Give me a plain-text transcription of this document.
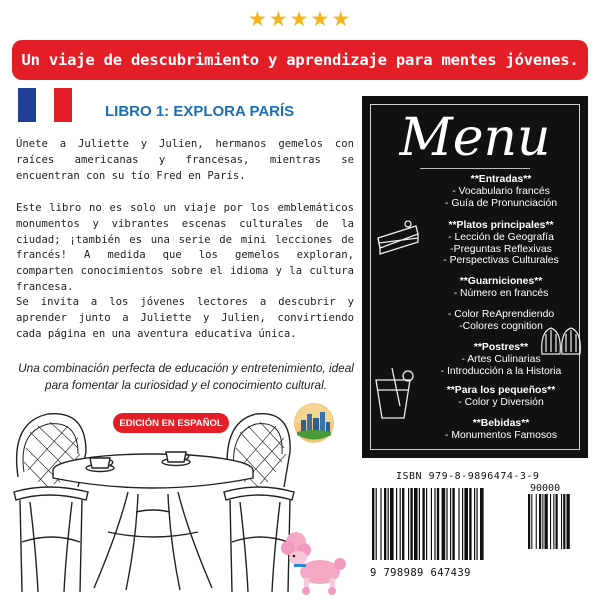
★ ★ ★ ★ ★
Un viaje de descubrimiento y aprendizaje para mentes jóvenes.
LIBRO 1: EXPLORA PARÍS

Únete a Juliette y Julien, hermanos gemelos con raíces americanas y francesas, mientras se encuentran con su tío Fred en París.

Este libro no es solo un viaje por los emblemáticos monumentos y vibrantes escenas culturales de la ciudad; ¡también es una serie de mini lecciones de francés! A medida que los gemelos exploran, comparten conocimientos sobre el idioma y la cultura francesa.

Se invita a los jóvenes lectores a descubrir y aprender junto a Juliette y Julien, convirtiendo cada página en una aventura educativa única.

Una combinación perfecta de educación y entretenimiento, ideal para fomentar la curiosidad y el conocimiento cultural.
EDICIÓN EN ESPAÑOL
Menu
**Entradas**
- Vocabulario francés
- Guía de Pronunciación
**Platos principales**
- Lección de Geografía
-Preguntas Reflexivas
- Perspectivas Culturales
**Guarniciones**
- Número en francés
- Color ReAprendiendo
-Colores cognition
**Postres**
- Artes Culinarias
- Introducción a la Historia
**Para los pequeños**
- Color y Diversión
**Bebidas**
- Monumentos Famosos
ISBN 979-8-9896474-3-9
90000
9 798989 647439
